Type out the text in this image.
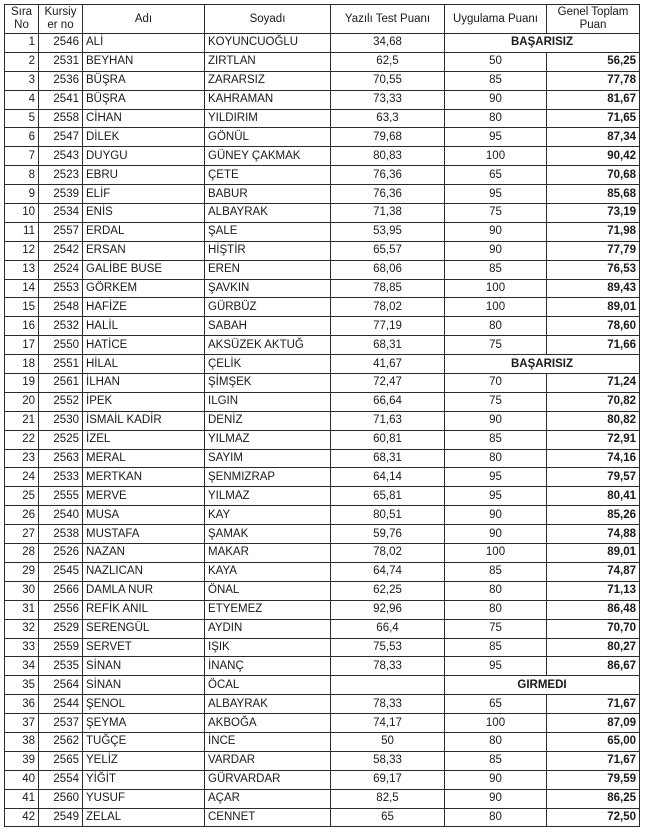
Sıra No	Kursiy er no	Adı	Soyadı	Yazılı Test Puanı	Uygulama Puanı	Genel Toplam Puan
1	2546	ALİ	KOYUNCUOĞLU	34,68	BAŞARISIZ	
2	2531	BEYHAN	ZIRTLAN	62,5	50	56,25
3	2536	BÜŞRA	ZARARSIZ	70,55	85	77,78
4	2541	BÜŞRA	KAHRAMAN	73,33	90	81,67
5	2558	CİHAN	YILDIRIM	63,3	80	71,65
6	2547	DİLEK	GÖNÜL	79,68	95	87,34
7	2543	DUYGU	GÜNEY ÇAKMAK	80,83	100	90,42
8	2523	EBRU	ÇETE	76,36	65	70,68
9	2539	ELİF	BABUR	76,36	95	85,68
10	2534	ENİS	ALBAYRAK	71,38	75	73,19
11	2557	ERDAL	ŞALE	53,95	90	71,98
12	2542	ERSAN	HİŞTİR	65,57	90	77,79
13	2524	GALİBE BUSE	EREN	68,06	85	76,53
14	2553	GÖRKEM	ŞAVKIN	78,85	100	89,43
15	2548	HAFİZE	GÜRBÜZ	78,02	100	89,01
16	2532	HALİL	SABAH	77,19	80	78,60
17	2550	HATİCE	AKSÜZEK AKTUĞ	68,31	75	71,66
18	2551	HİLAL	ÇELİK	41,67	BAŞARISIZ	
19	2561	İLHAN	ŞİMŞEK	72,47	70	71,24
20	2552	İPEK	ILGIN	66,64	75	70,82
21	2530	İSMAİL KADİR	DENİZ	71,63	90	80,82
22	2525	İZEL	YILMAZ	60,81	85	72,91
23	2563	MERAL	SAYIM	68,31	80	74,16
24	2533	MERTKAN	ŞENMIZRAP	64,14	95	79,57
25	2555	MERVE	YILMAZ	65,81	95	80,41
26	2540	MUSA	KAY	80,51	90	85,26
27	2538	MUSTAFA	ŞAMAK	59,76	90	74,88
28	2526	NAZAN	MAKAR	78,02	100	89,01
29	2545	NAZLICAN	KAYA	64,74	85	74,87
30	2566	DAMLA NUR	ÖNAL	62,25	80	71,13
31	2556	REFİK ANIL	ETYEMEZ	92,96	80	86,48
32	2529	SERENGÜL	AYDIN	66,4	75	70,70
33	2559	SERVET	IŞIK	75,53	85	80,27
34	2535	SİNAN	İNANÇ	78,33	95	86,67
35	2564	SİNAN	ÖCAL		GIRMEDI	
36	2544	ŞENOL	ALBAYRAK	78,33	65	71,67
37	2537	ŞEYMA	AKBOĞA	74,17	100	87,09
38	2562	TUĞÇE	İNCE	50	80	65,00
39	2565	YELİZ	VARDAR	58,33	85	71,67
40	2554	YİĞİT	GÜRVARDAR	69,17	90	79,59
41	2560	YUSUF	AÇAR	82,5	90	86,25
42	2549	ZELAL	CENNET	65	80	72,50
